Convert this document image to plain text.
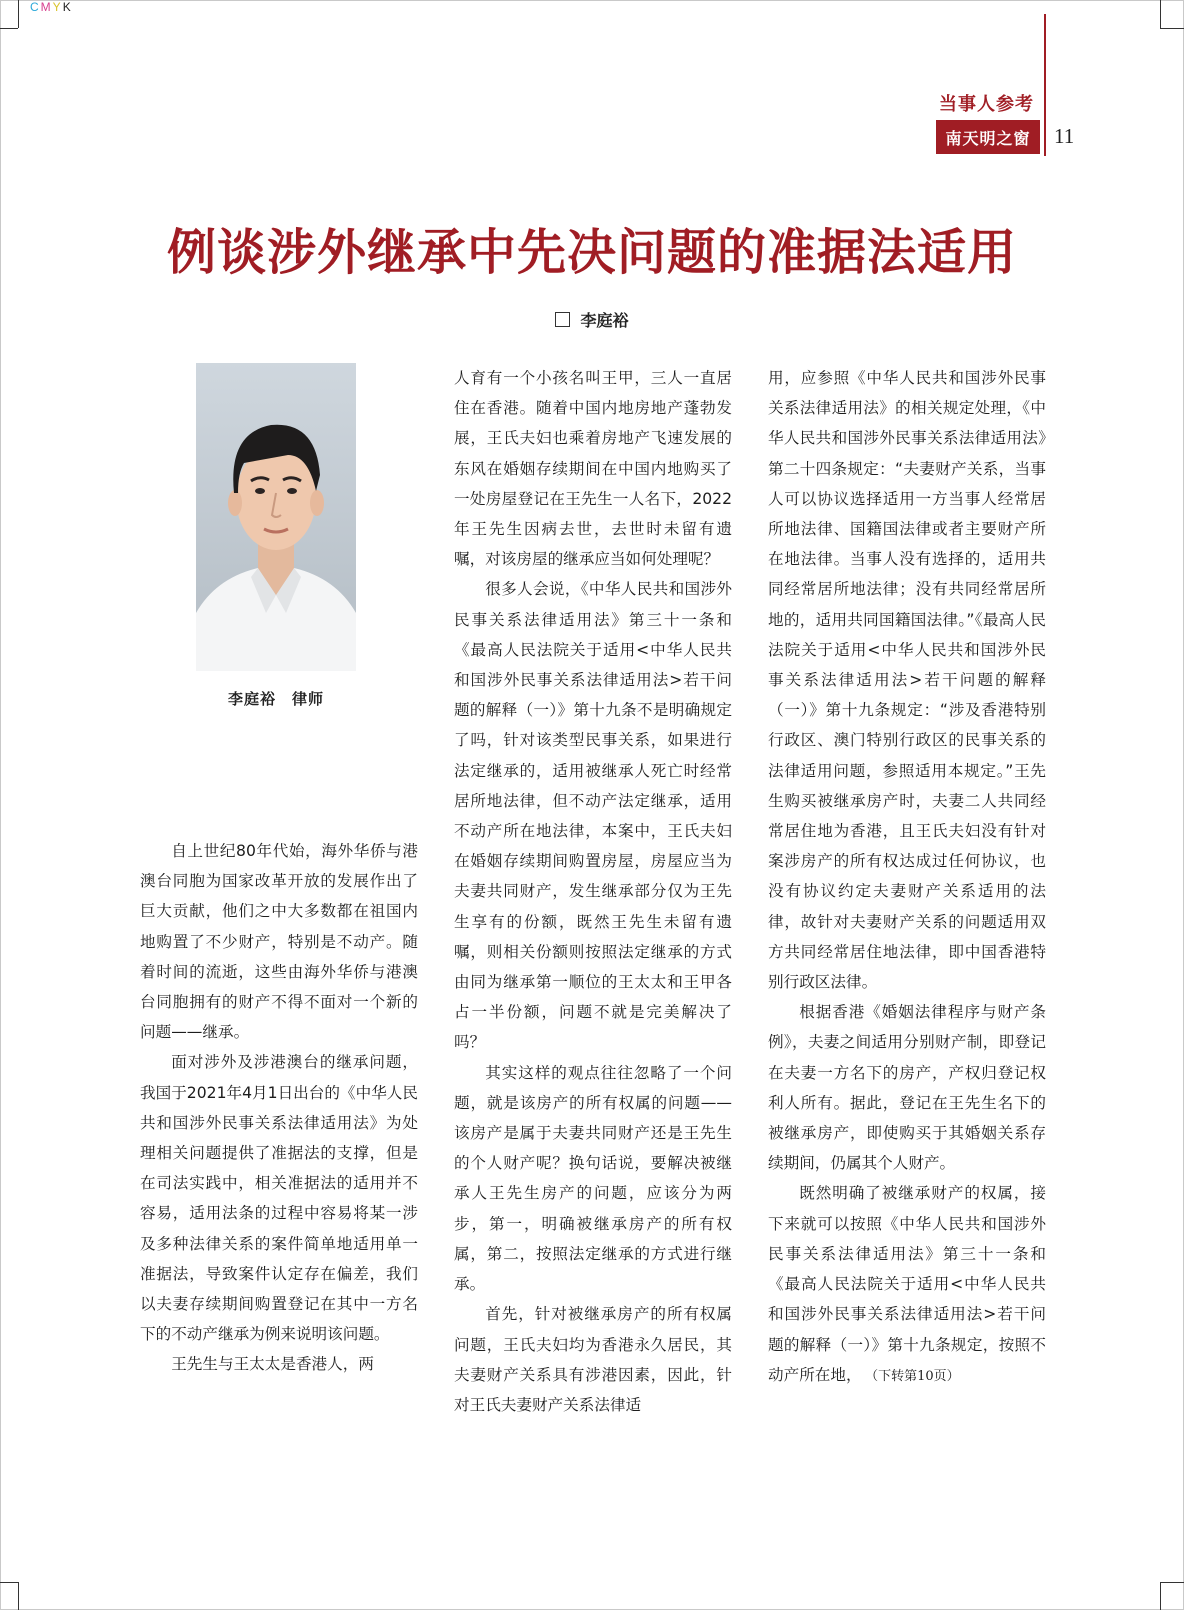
CMYK
当事人参考
南天明之窗	11
例谈涉外继承中先决问题的准据法适用
李庭裕
李庭裕　律师

自上世纪80年代始，海外华侨与港澳台同胞为国家改革开放的发展作出了巨大贡献，他们之中大多数都在祖国内地购置了不少财产，特别是不动产。随着时间的流逝，这些由海外华侨与港澳台同胞拥有的财产不得不面对一个新的问题——继承。

面对涉外及涉港澳台的继承问题，我国于2021年4月1日出台的《中华人民共和国涉外民事关系法律适用法》为处理相关问题提供了准据法的支撑，但是在司法实践中，相关准据法的适用并不容易，适用法条的过程中容易将某一涉及多种法律关系的案件简单地适用单一准据法，导致案件认定存在偏差，我们以夫妻存续期间购置登记在其中一方名下的不动产继承为例来说明该问题。

王先生与王太太是香港人，两

人育有一个小孩名叫王甲，三人一直居住在香港。随着中国内地房地产蓬勃发展，王氏夫妇也乘着房地产飞速发展的东风在婚姻存续期间在中国内地购买了一处房屋登记在王先生一人名下，2022年王先生因病去世，去世时未留有遗嘱，对该房屋的继承应当如何处理呢？

很多人会说，《中华人民共和国涉外民事关系法律适用法》第三十一条和《最高人民法院关于适用<中华人民共和国涉外民事关系法律适用法>若干问题的解释（一）》第十九条不是明确规定了吗，针对该类型民事关系，如果进行法定继承的，适用被继承人死亡时经常居所地法律，但不动产法定继承，适用不动产所在地法律，本案中，王氏夫妇在婚姻存续期间购置房屋，房屋应当为夫妻共同财产，发生继承部分仅为王先生享有的份额，既然王先生未留有遗嘱，则相关份额则按照法定继承的方式由同为继承第一顺位的王太太和王甲各占一半份额，问题不就是完美解决了吗？

其实这样的观点往往忽略了一个问题，就是该房产的所有权属的问题——该房产是属于夫妻共同财产还是王先生的个人财产呢？换句话说，要解决被继承人王先生房产的问题，应该分为两步，第一，明确被继承房产的所有权属，第二，按照法定继承的方式进行继承。

首先，针对被继承房产的所有权属问题，王氏夫妇均为香港永久居民，其夫妻财产关系具有涉港因素，因此，针对王氏夫妻财产关系法律适

用，应参照《中华人民共和国涉外民事关系法律适用法》的相关规定处理，《中华人民共和国涉外民事关系法律适用法》第二十四条规定：“夫妻财产关系，当事人可以协议选择适用一方当事人经常居所地法律、国籍国法律或者主要财产所在地法律。当事人没有选择的，适用共同经常居所地法律；没有共同经常居所地的，适用共同国籍国法律。”《最高人民法院关于适用<中华人民共和国涉外民事关系法律适用法>若干问题的解释（一）》第十九条规定：“涉及香港特别行政区、澳门特别行政区的民事关系的法律适用问题，参照适用本规定。”王先生购买被继承房产时，夫妻二人共同经常居住地为香港，且王氏夫妇没有针对案涉房产的所有权达成过任何协议，也没有协议约定夫妻财产关系适用的法律，故针对夫妻财产关系的问题适用双方共同经常居住地法律，即中国香港特别行政区法律。

根据香港《婚姻法律程序与财产条例》，夫妻之间适用分别财产制，即登记在夫妻一方名下的房产，产权归登记权利人所有。据此，登记在王先生名下的被继承房产，即使购买于其婚姻关系存续期间，仍属其个人财产。

既然明确了被继承财产的权属，接下来就可以按照《中华人民共和国涉外民事关系法律适用法》第三十一条和《最高人民法院关于适用<中华人民共和国涉外民事关系法律适用法>若干问题的解释（一）》第十九条规定，按照不动产所在地， （下转第10页）
